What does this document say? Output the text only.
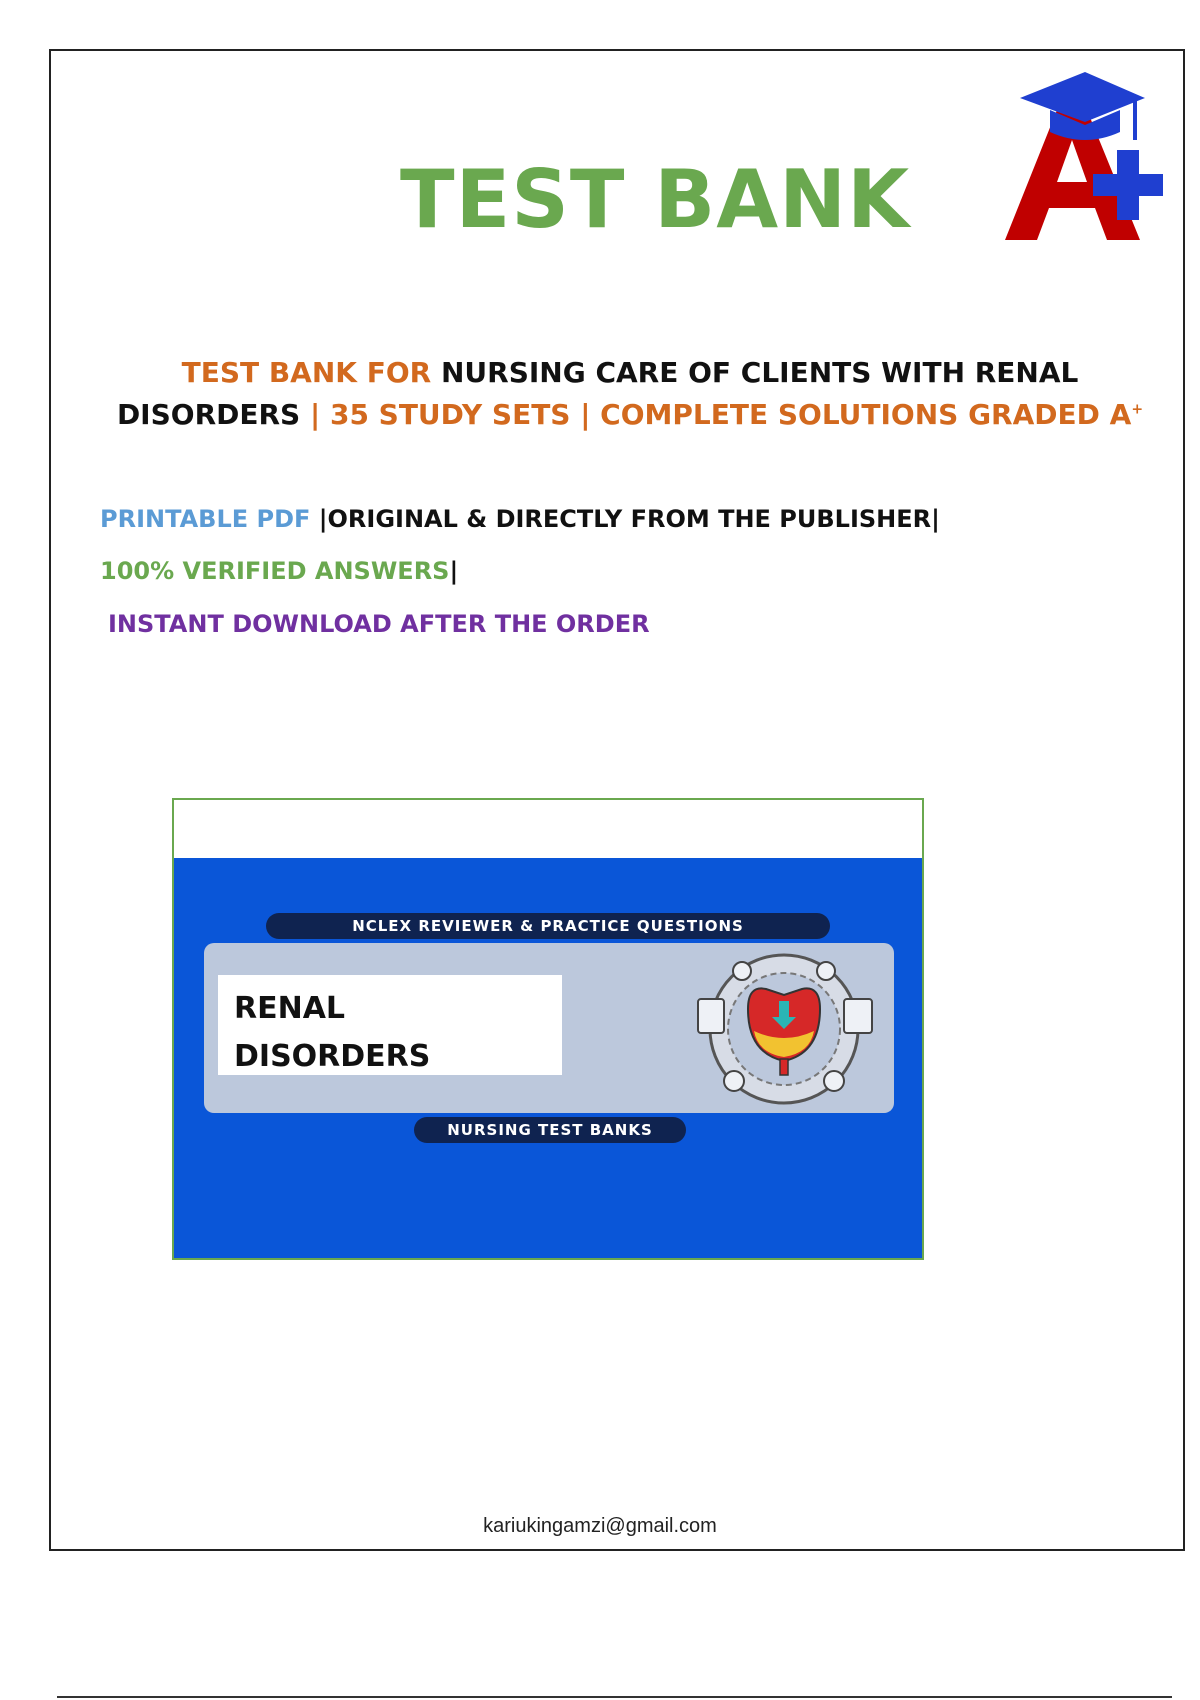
TEST BANK

TEST BANK FOR NURSING CARE OF CLIENTS WITH RENAL DISORDERS | 35 STUDY SETS | COMPLETE SOLUTIONS GRADED A+

PRINTABLE PDF |ORIGINAL & DIRECTLY FROM THE PUBLISHER|

100% VERIFIED ANSWERS|

INSTANT DOWNLOAD AFTER THE ORDER

NCLEX REVIEWER & PRACTICE QUESTIONS
RENAL
DISORDERS
NURSING TEST BANKS

kariukingamzi@gmail.com
